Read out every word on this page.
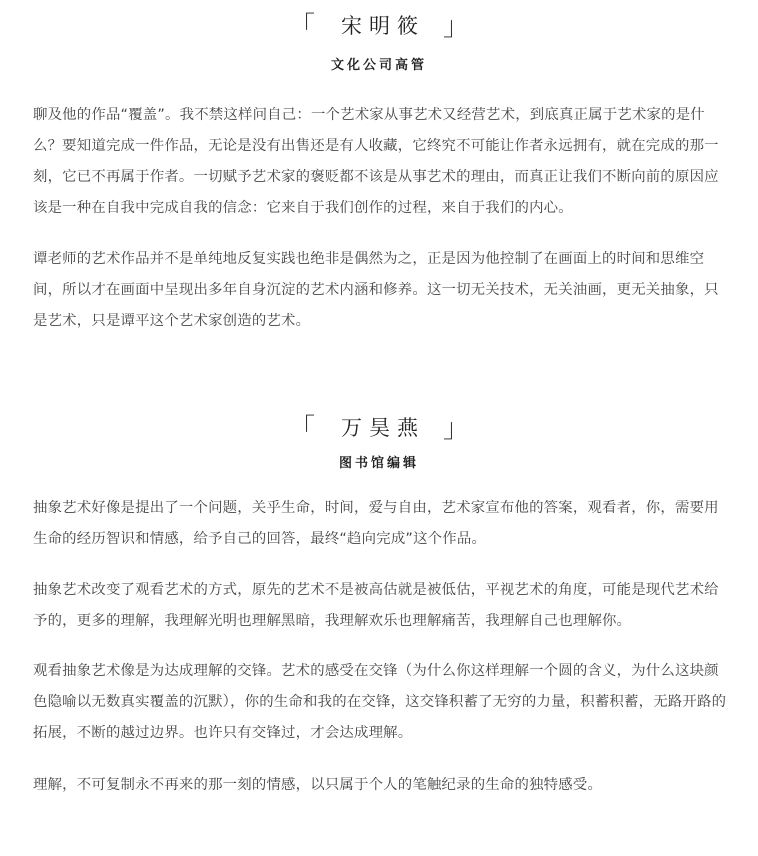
「 宋明筱 」
文化公司高管

聊及他的作品“覆盖”。我不禁这样问自己：一个艺术家从事艺术又经营艺术，到底真正属于艺术家的是什么？要知道完成一件作品，无论是没有出售还是有人收藏，它终究不可能让作者永远拥有，就在完成的那一刻，它已不再属于作者。一切赋予艺术家的褒贬都不该是从事艺术的理由，而真正让我们不断向前的原因应该是一种在自我中完成自我的信念：它来自于我们创作的过程，来自于我们的内心。

谭老师的艺术作品并不是单纯地反复实践也绝非是偶然为之，正是因为他控制了在画面上的时间和思维空间，所以才在画面中呈现出多年自身沉淀的艺术内涵和修养。这一切无关技术，无关油画，更无关抽象，只是艺术，只是谭平这个艺术家创造的艺术。

「 万昊燕 」
图书馆编辑

抽象艺术好像是提出了一个问题，关乎生命，时间，爱与自由，艺术家宣布他的答案，观看者，你，需要用生命的经历智识和情感，给予自己的回答，最终“趋向完成”这个作品。

抽象艺术改变了观看艺术的方式，原先的艺术不是被高估就是被低估，平视艺术的角度，可能是现代艺术给予的，更多的理解，我理解光明也理解黑暗，我理解欢乐也理解痛苦，我理解自己也理解你。

观看抽象艺术像是为达成理解的交锋。艺术的感受在交锋（为什么你这样理解一个圆的含义，为什么这块颜色隐喻以无数真实覆盖的沉默），你的生命和我的在交锋，这交锋积蓄了无穷的力量，积蓄积蓄，无路开路的拓展，不断的越过边界。也许只有交锋过，才会达成理解。

理解，不可复制永不再来的那一刻的情感，以只属于个人的笔触纪录的生命的独特感受。
